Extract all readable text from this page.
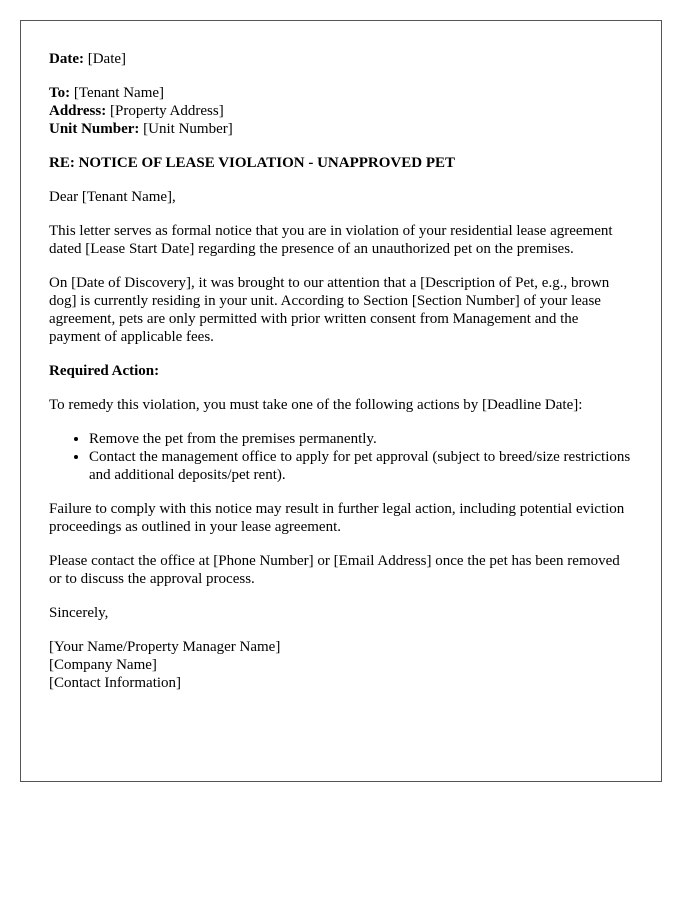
Date: [Date]

To: [Tenant Name]

Address: [Property Address]

Unit Number: [Unit Number]

RE: NOTICE OF LEASE VIOLATION - UNAPPROVED PET

Dear [Tenant Name],

This letter serves as formal notice that you are in violation of your residential lease agreement dated [Lease Start Date] regarding the presence of an unauthorized pet on the premises.

On [Date of Discovery], it was brought to our attention that a [Description of Pet, e.g., brown dog] is currently residing in your unit. According to Section [Section Number] of your lease agreement, pets are only permitted with prior written consent from Management and the payment of applicable fees.

Required Action:

To remedy this violation, you must take one of the following actions by [Deadline Date]:

• Remove the pet from the premises permanently.
• Contact the management office to apply for pet approval (subject to breed/size restrictions and additional deposits/pet rent).

Failure to comply with this notice may result in further legal action, including potential eviction proceedings as outlined in your lease agreement.

Please contact the office at [Phone Number] or [Email Address] once the pet has been removed or to discuss the approval process.

Sincerely,

[Your Name/Property Manager Name]

[Company Name]

[Contact Information]
